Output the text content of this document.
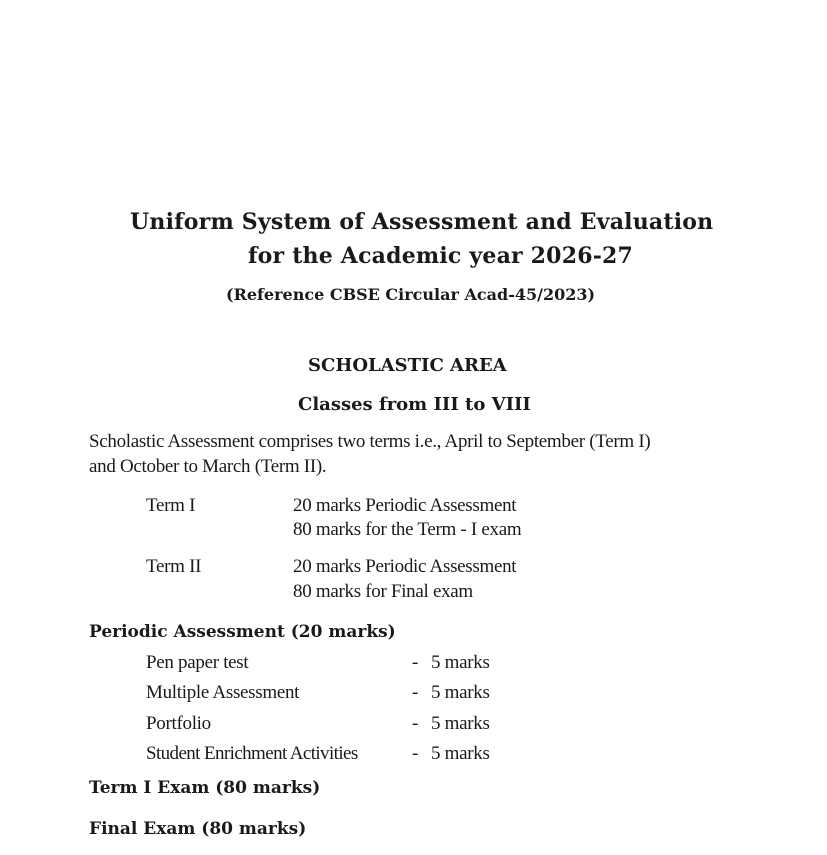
Uniform System of Assessment and Evaluation
for the Academic year 2026-27
(Reference CBSE Circular Acad-45/2023)
SCHOLASTIC AREA
Classes from III to VIII
Scholastic Assessment comprises two terms i.e., April to September (Term I)
and October to March (Term II).
Term I	20 marks Periodic Assessment
80 marks for the Term - I exam
Term II	20 marks Periodic Assessment
80 marks for Final exam
Periodic Assessment (20 marks)
Pen paper test	- 5 marks
Multiple Assessment	- 5 marks
Portfolio	- 5 marks
Student Enrichment Activities	- 5 marks
Term I Exam (80 marks)
Final Exam (80 marks)
